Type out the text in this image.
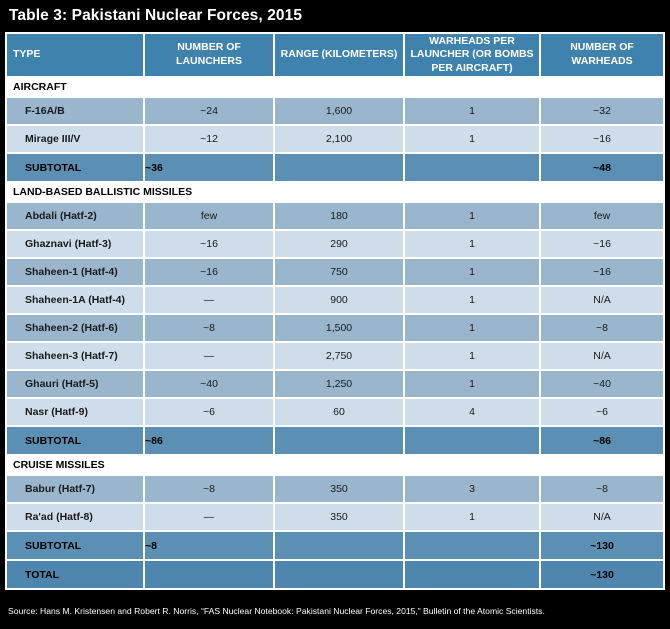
Table 3: Pakistani Nuclear Forces, 2015
TYPE	NUMBER OF LAUNCHERS	RANGE (KILOMETERS)	WARHEADS PER LAUNCHER (OR BOMBS PER AIRCRAFT)	NUMBER OF WARHEADS
AIRCRAFT				
F-16A/B	~24	1,600	1	~32
Mirage III/V	~12	2,100	1	~16
SUBTOTAL	~36			~48
LAND-BASED BALLISTIC MISSILES				
Abdali (Hatf-2)	few	180	1	few
Ghaznavi (Hatf-3)	~16	290	1	~16
Shaheen-1 (Hatf-4)	~16	750	1	~16
Shaheen-1A (Hatf-4)	—	900	1	N/A
Shaheen-2 (Hatf-6)	~8	1,500	1	~8
Shaheen-3 (Hatf-7)	—	2,750	1	N/A
Ghauri (Hatf-5)	~40	1,250	1	~40
Nasr (Hatf-9)	~6	60	4	~6
SUBTOTAL	~86			~86
CRUISE MISSILES				
Babur (Hatf-7)	~8	350	3	~8
Ra'ad (Hatf-8)	—	350	1	N/A
SUBTOTAL	~8			~130
TOTAL				~130
Source: Hans M. Kristensen and Robert R. Norris, “FAS Nuclear Notebook: Pakistani Nuclear Forces, 2015,” Bulletin of the Atomic Scientists.
